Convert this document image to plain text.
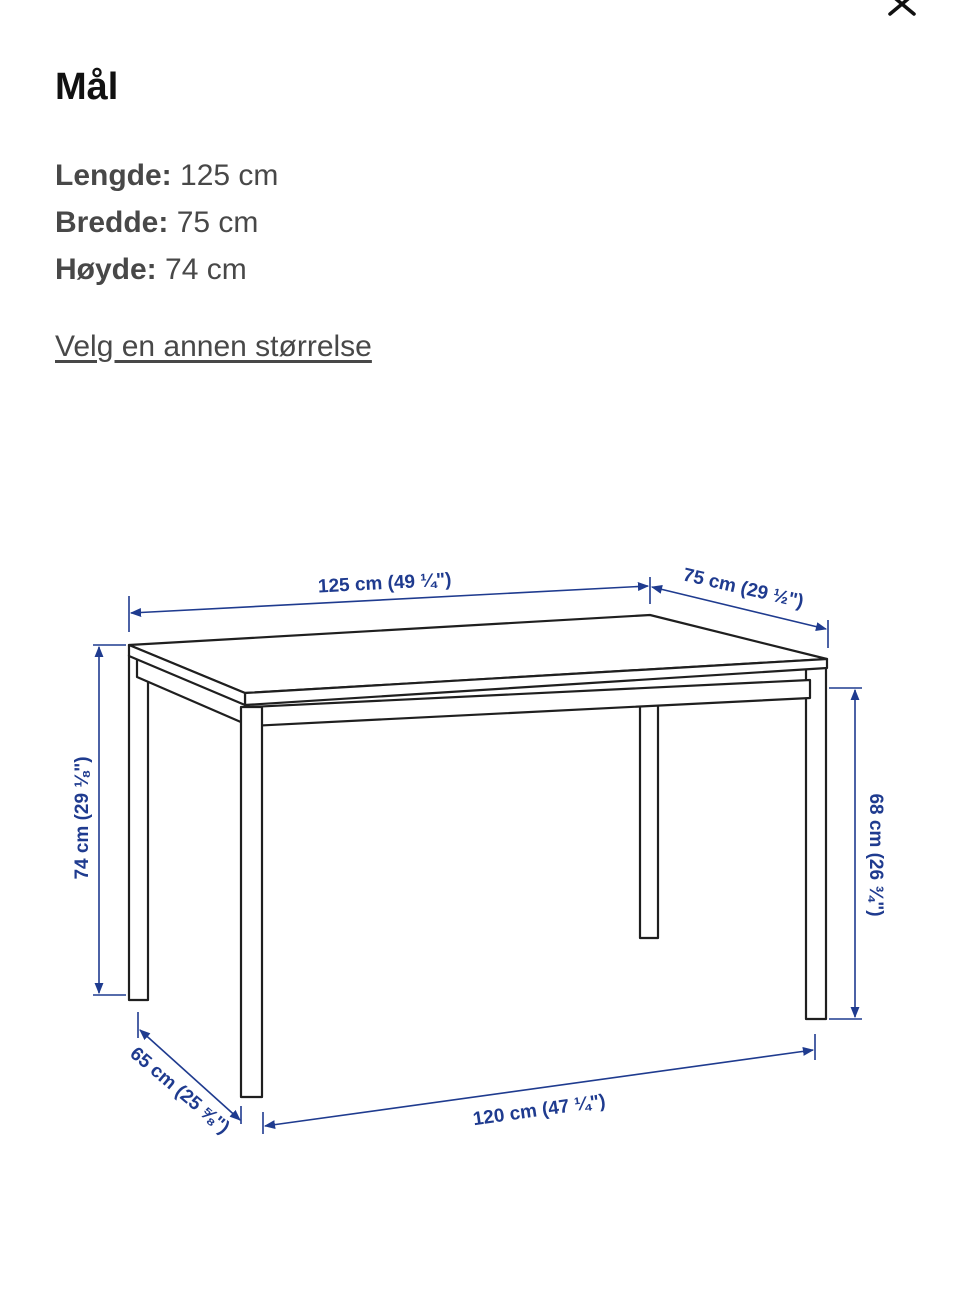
Mål
Lengde: 125 cm
Bredde: 75 cm
Høyde: 74 cm
Velg en annen størrelse
125 cm (49 ¼")	75 cm (29 ½")
74 cm (29 ⅛")	68 cm (26 ¾")
65 cm (25 ⅝")	120 cm (47 ¼")
